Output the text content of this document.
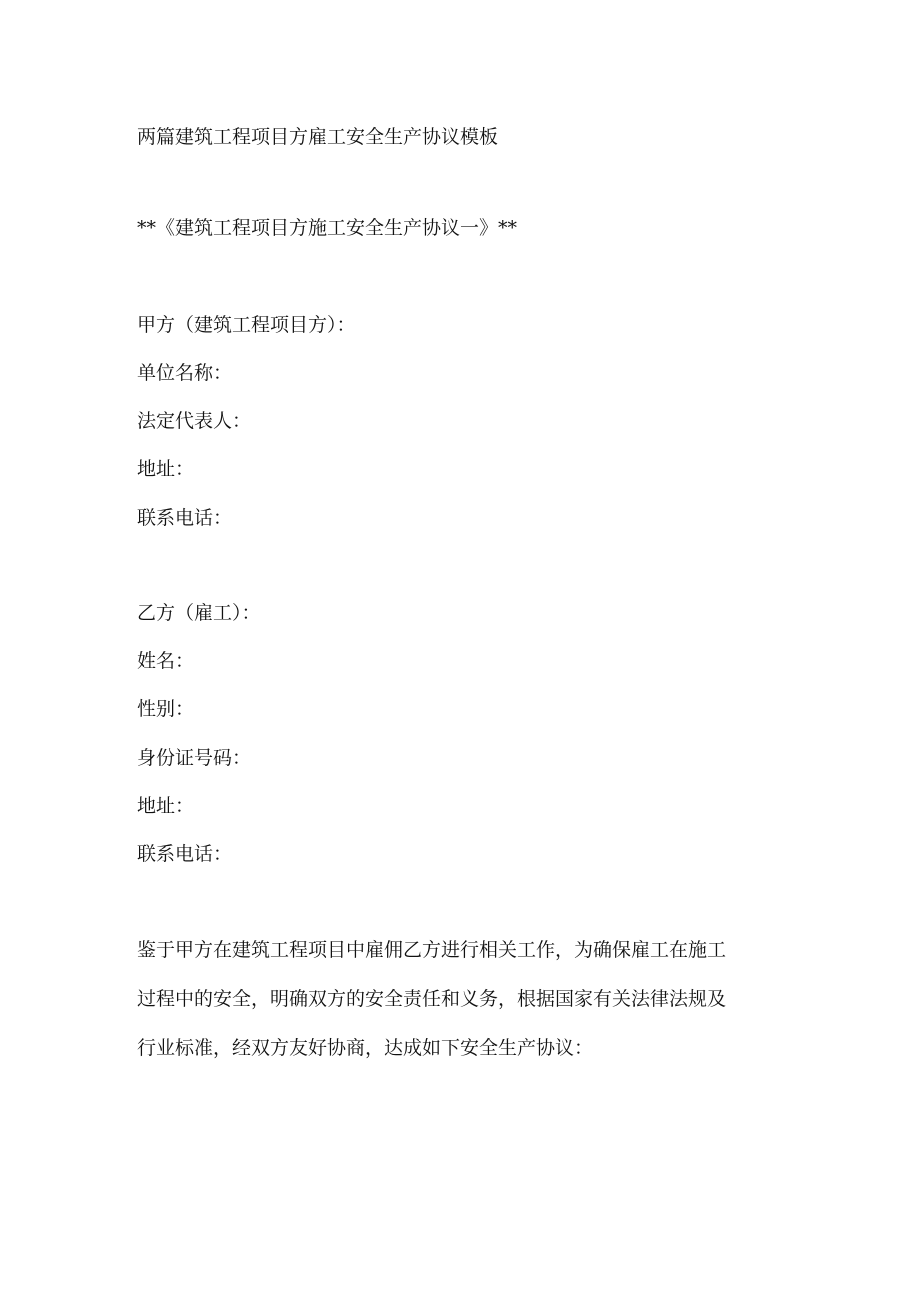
两篇建筑工程项目方雇工安全生产协议模板
**《建筑工程项目方施工安全生产协议一》**
甲方（建筑工程项目方）：
单位名称：
法定代表人：
地址：
联系电话：
乙方（雇工）：
姓名：
性别：
身份证号码：
地址：
联系电话：
鉴于甲方在建筑工程项目中雇佣乙方进行相关工作，为确保雇工在施工
过程中的安全，明确双方的安全责任和义务，根据国家有关法律法规及
行业标准，经双方友好协商，达成如下安全生产协议：
